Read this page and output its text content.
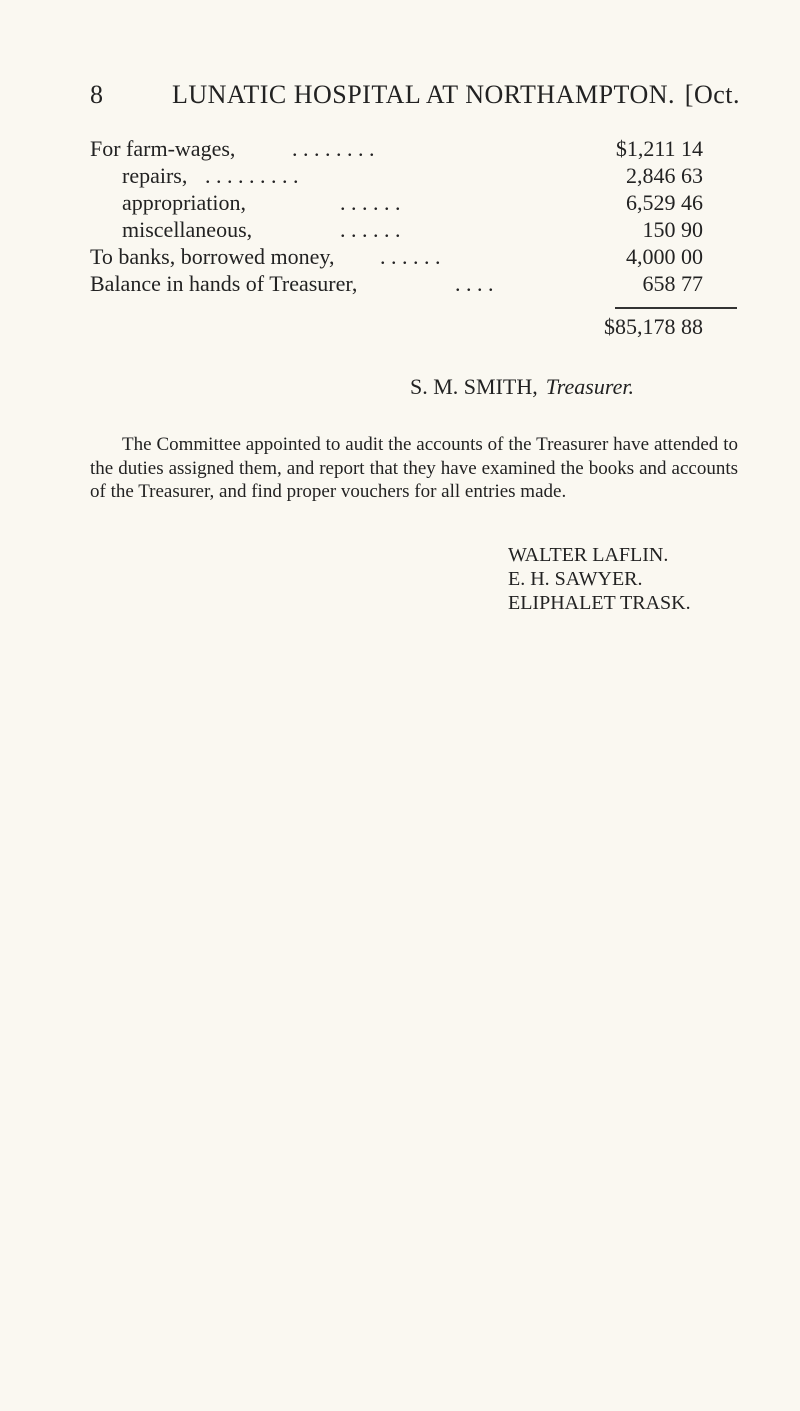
8	LUNATIC HOSPITAL AT NORTHAMPTON. [Oct.
For farm-wages,	. . . . . . . .	$1,211 14
repairs, . . . . . . . . .	2,846 63
appropriation,	. . . . . .	6,529 46
miscellaneous,	. . . . . .	150 90
To banks, borrowed money, . . . . . .	4,000 00
Balance in hands of Treasurer,	. . . .	658 77
$85,178 88
S. M. SMITH, Treasurer.
The Committee appointed to audit the accounts of the Treasurer have attended to the duties assigned them, and report that they have examined the books and accounts of the Treasurer, and find proper vouchers for all entries made.
WALTER LAFLIN.
E. H. SAWYER.
ELIPHALET TRASK.
